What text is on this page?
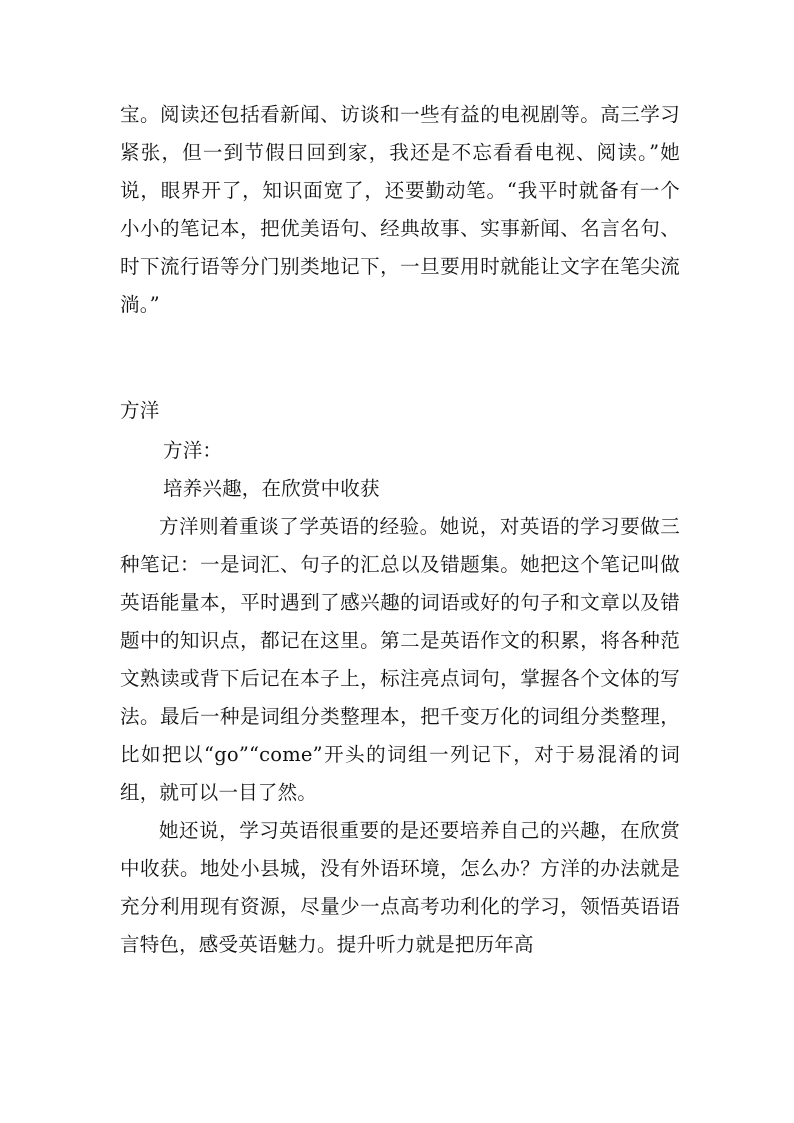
宝。阅读还包括看新闻、访谈和一些有益的电视剧等。高三学习紧张，但一到节假日回到家，我还是不忘看看电视、阅读。”她说，眼界开了，知识面宽了，还要勤动笔。“我平时就备有一个小小的笔记本，把优美语句、经典故事、实事新闻、名言名句、时下流行语等分门别类地记下，一旦要用时就能让文字在笔尖流淌。”

方洋

方洋：

培养兴趣，在欣赏中收获

方洋则着重谈了学英语的经验。她说，对英语的学习要做三种笔记：一是词汇、句子的汇总以及错题集。她把这个笔记叫做英语能量本，平时遇到了感兴趣的词语或好的句子和文章以及错题中的知识点，都记在这里。第二是英语作文的积累，将各种范文熟读或背下后记在本子上，标注亮点词句，掌握各个文体的写法。最后一种是词组分类整理本，把千变万化的词组分类整理，比如把以“go”“come”开头的词组一列记下，对于易混淆的词组，就可以一目了然。

她还说，学习英语很重要的是还要培养自己的兴趣，在欣赏中收获。地处小县城，没有外语环境，怎么办？方洋的办法就是充分利用现有资源，尽量少一点高考功利化的学习，领悟英语语言特色，感受英语魅力。提升听力就是把历年高
